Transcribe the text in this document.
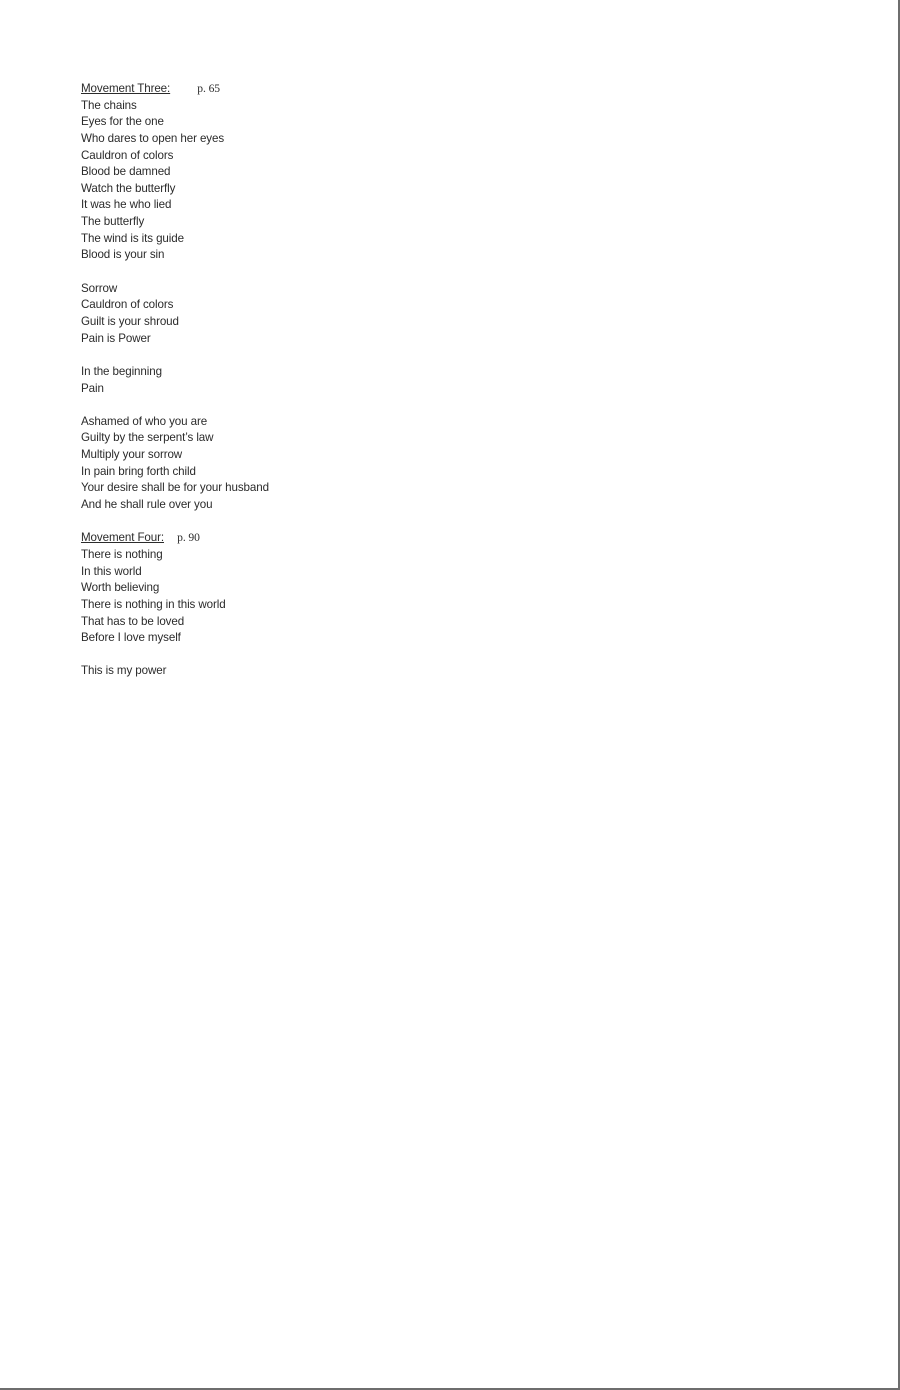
Movement Three: p. 65
The chains
Eyes for the one
Who dares to open her eyes
Cauldron of colors
Blood be damned
Watch the butterfly
It was he who lied
The butterfly
The wind is its guide
Blood is your sin
Sorrow
Cauldron of colors
Guilt is your shroud
Pain is Power
In the beginning
Pain
Ashamed of who you are
Guilty by the serpent’s law
Multiply your sorrow
In pain bring forth child
Your desire shall be for your husband
And he shall rule over you
Movement Four: p. 90
There is nothing
In this world
Worth believing
There is nothing in this world
That has to be loved
Before I love myself
This is my power
